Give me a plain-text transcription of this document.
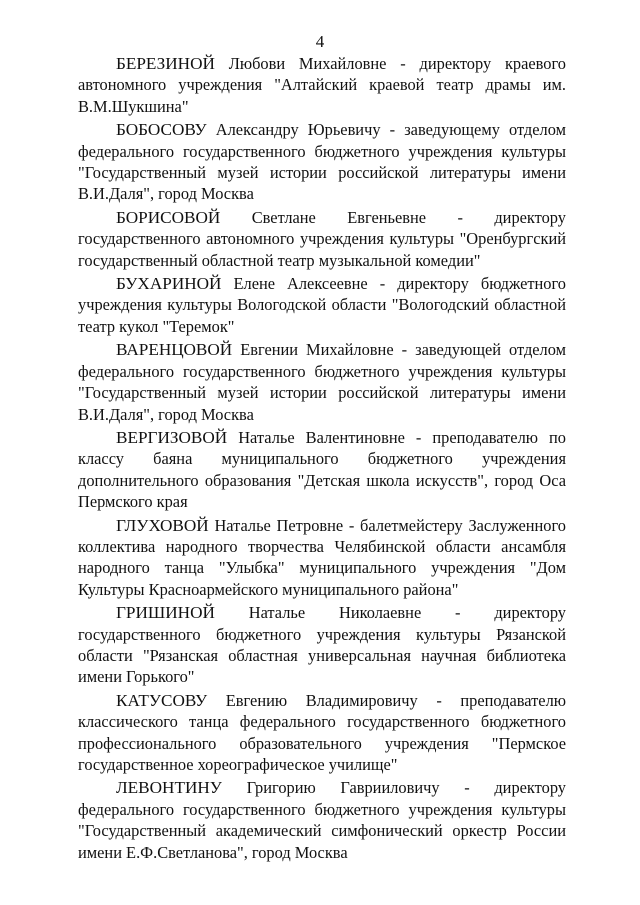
4

БЕРЕЗИНОЙ Любови Михайловне - директору краевого автономного учреждения "Алтайский краевой театр драмы им. В.М.Шукшина"

БОБОСОВУ Александру Юрьевичу - заведующему отделом федерального государственного бюджетного учреждения культуры "Государственный музей истории российской литературы имени В.И.Даля", город Москва

БОРИСОВОЙ Светлане Евгеньевне - директору государственного автономного учреждения культуры "Оренбургский государственный областной театр музыкальной комедии"

БУХАРИНОЙ Елене Алексеевне - директору бюджетного учреждения культуры Вологодской области "Вологодский областной театр кукол "Теремок"

ВАРЕНЦОВОЙ Евгении Михайловне - заведующей отделом федерального государственного бюджетного учреждения культуры "Государственный музей истории российской литературы имени В.И.Даля", город Москва

ВЕРГИЗОВОЙ Наталье Валентиновне - преподавателю по классу баяна муниципального бюджетного учреждения дополнительного образования "Детская школа искусств", город Оса Пермского края

ГЛУХОВОЙ Наталье Петровне - балетмейстеру Заслуженного коллектива народного творчества Челябинской области ансамбля народного танца "Улыбка" муниципального учреждения "Дом Культуры Красноармейского муниципального района"

ГРИШИНОЙ Наталье Николаевне - директору государственного бюджетного учреждения культуры Рязанской области "Рязанская областная универсальная научная библиотека имени Горького"

КАТУСОВУ Евгению Владимировичу - преподавателю классического танца федерального государственного бюджетного профессионального образовательного учреждения "Пермское государственное хореографическое училище"

ЛЕВОНТИНУ Григорию Гаврииловичу - директору федерального государственного бюджетного учреждения культуры "Государственный академический симфонический оркестр России имени Е.Ф.Светланова", город Москва
